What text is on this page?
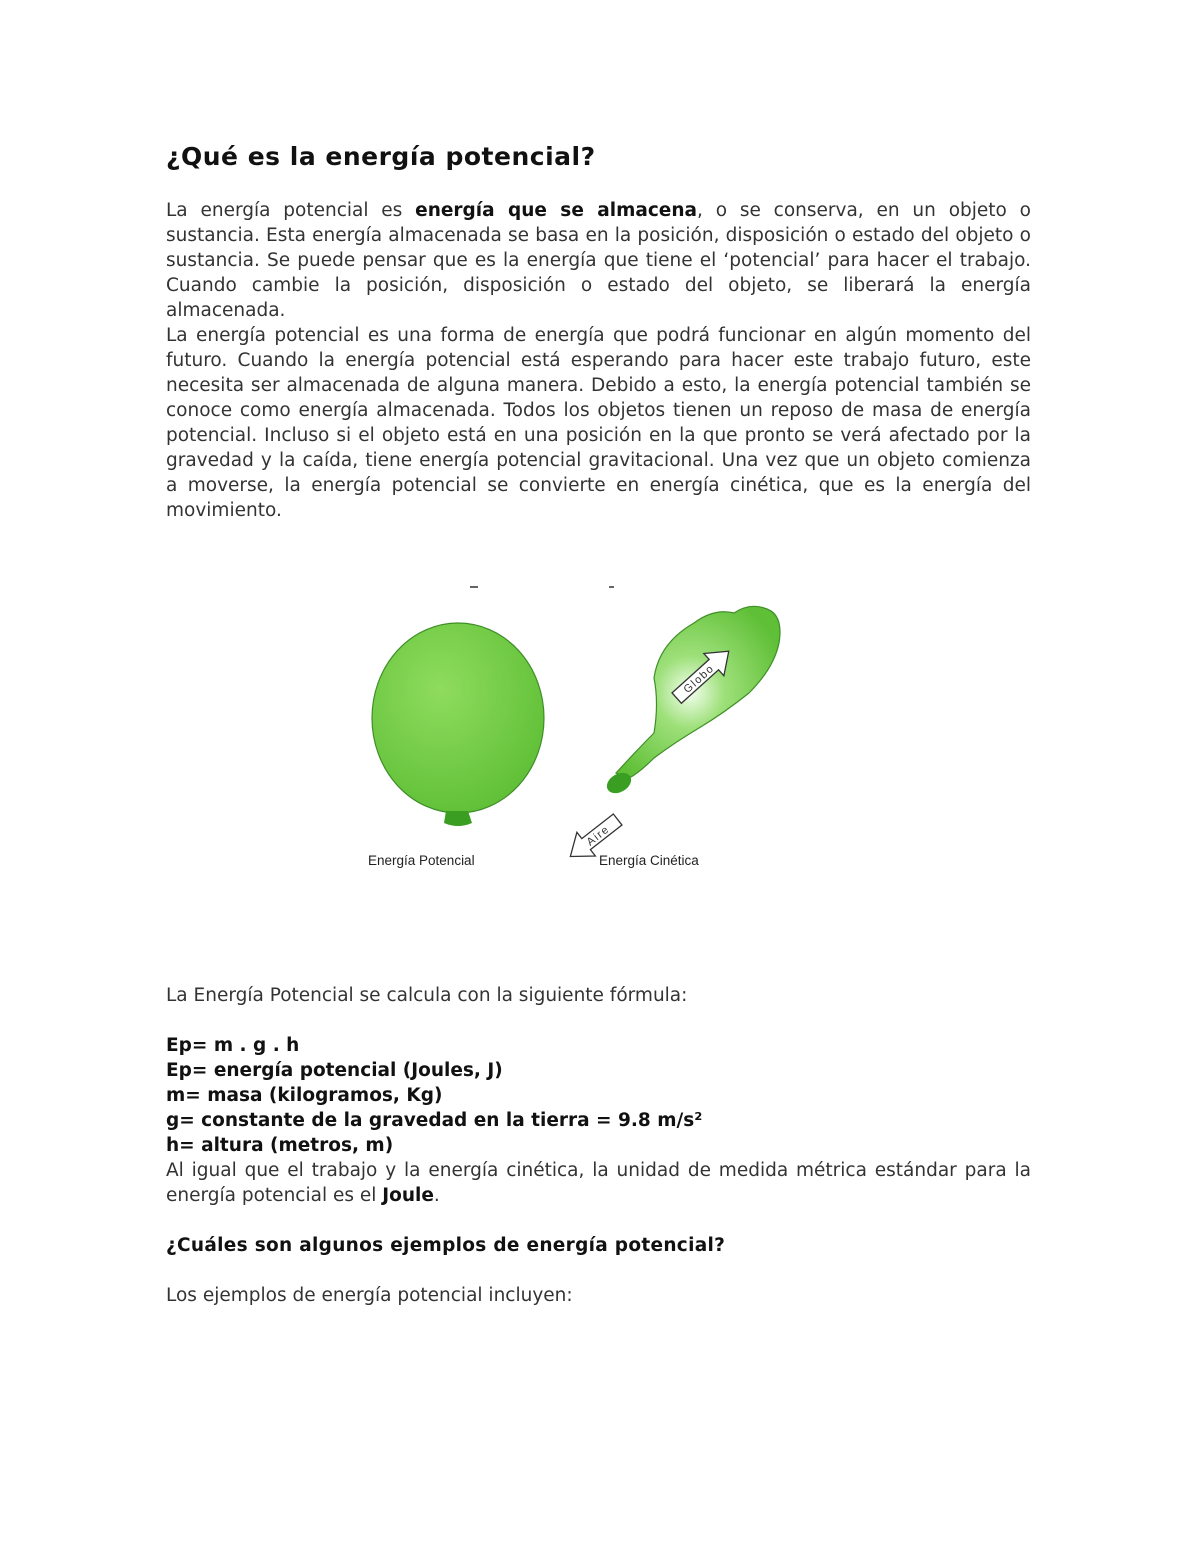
¿Qué es la energía potencial?

La energía potencial es energía que se almacena, o se conserva, en un objeto o sustancia. Esta energía almacenada se basa en la posición, disposición o estado del objeto o sustancia. Se puede pensar que es la energía que tiene el ‘potencial’ para hacer el trabajo. Cuando cambie la posición, disposición o estado del objeto, se liberará la energía almacenada.

La energía potencial es una forma de energía que podrá funcionar en algún momento del futuro. Cuando la energía potencial está esperando para hacer este trabajo futuro, este necesita ser almacenada de alguna manera. Debido a esto, la energía potencial también se conoce como energía almacenada. Todos los objetos tienen un reposo de masa de energía potencial. Incluso si el objeto está en una posición en la que pronto se verá afectado por la gravedad y la caída, tiene energía potencial gravitacional. Una vez que un objeto comienza a moverse, la energía potencial se convierte en energía cinética, que es la energía del movimiento.

Globo
Aire
Energía Potencial	Energía Cinética

La Energía Potencial se calcula con la siguiente fórmula:

Ep= m . g . h
Ep= energía potencial (Joules, J)
m= masa (kilogramos, Kg)
g= constante de la gravedad en la tierra = 9.8 m/s²
h= altura (metros, m)

Al igual que el trabajo y la energía cinética, la unidad de medida métrica estándar para la energía potencial es el Joule.

¿Cuáles son algunos ejemplos de energía potencial?

Los ejemplos de energía potencial incluyen:
